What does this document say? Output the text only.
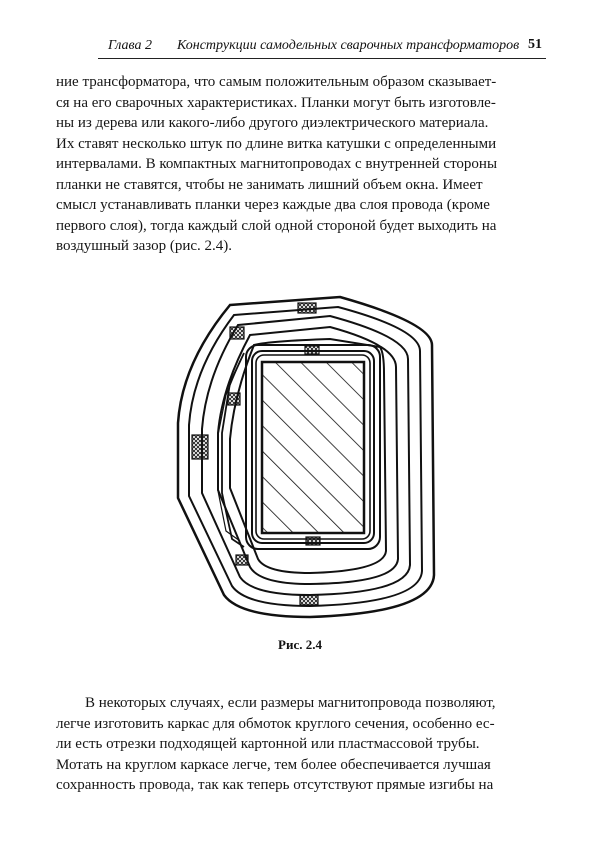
Глава 2 Конструкции самодельных сварочных трансформаторов 51
ние трансформатора, что самым положительным образом сказывает-
ся на его сварочных характеристиках. Планки могут быть изготовле-
ны из дерева или какого-либо другого диэлектрического материала.
Их ставят несколько штук по длине витка катушки с определенными
интервалами. В компактных магнитопроводах с внутренней стороны
планки не ставятся, чтобы не занимать лишний объем окна. Имеет
смысл устанавливать планки через каждые два слоя провода (кроме
первого слоя), тогда каждый слой одной стороной будет выходить на
воздушный зазор (рис. 2.4).
Рис. 2.4
В некоторых случаях, если размеры магнитопровода позволяют,
легче изготовить каркас для обмоток круглого сечения, особенно ес-
ли есть отрезки подходящей картонной или пластмассовой трубы.
Мотать на круглом каркасе легче, тем более обеспечивается лучшая
сохранность провода, так как теперь отсутствуют прямые изгибы на
